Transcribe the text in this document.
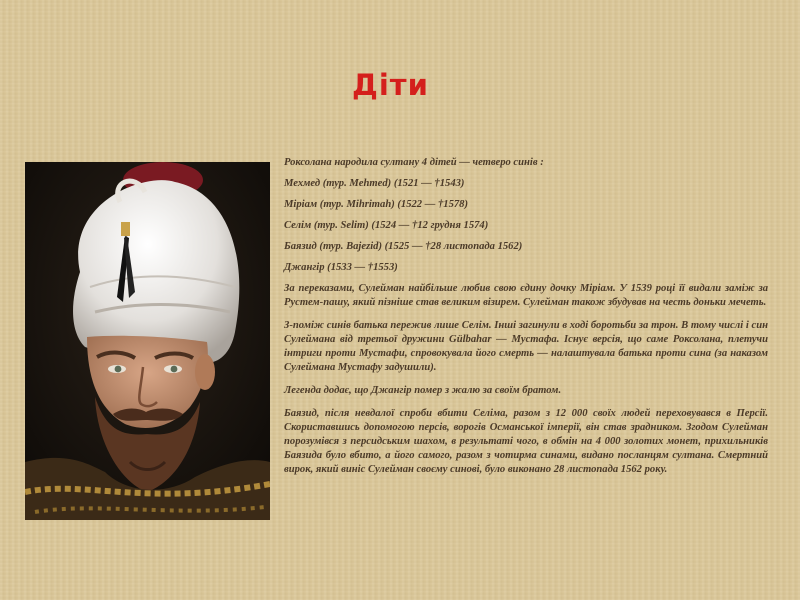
Діти

Роксолана народила султану 4 дітей — четверо синів :

Мехмед (тур. Mehmed) (1521 — †1543)

Міріам (тур. Mihrimah) (1522 — †1578)

Селім (тур. Selim) (1524 — †12 грудня 1574)

Баязид (тур. Bajezid) (1525 — †28 листопада 1562)

Джангір (1533 — †1553)

За переказами, Сулейман найбільше любив свою єдину дочку Міріам. У 1539 році її видали заміж за Рустем-пашу, який пізніше став великим візирем. Сулейман також збудував на честь доньки мечеть.

З-поміж синів батька пережив лише Селім. Інші загинули в ході боротьби за трон. В тому числі і син Сулеймана від третьої дружини Gülbahar — Мустафа. Існує версія, що саме Роксолана, плетучи інтриги проти Мустафи, спровокувала його смерть — налаштувала батька проти сина (за наказом Сулеймана Мустафу задушили).

Легенда додає, що Джангір помер з жалю за своїм братом.

Баязид, після невдалої спроби вбити Селіма, разом з 12 000 своїх людей переховувався в Персії. Скориставшись допомогою персів, ворогів Османської імперії, він став зрадником. Згодом Сулейман порозумівся з персидським шахом, в результаті чого, в обмін на 4 000 золотих монет, прихильників Баязида було вбито, а його самого, разом з чотирма синами, видано посланцям султана. Смертний вирок, який виніс Сулейман своєму синові, було виконано 28 листопада 1562 року.
